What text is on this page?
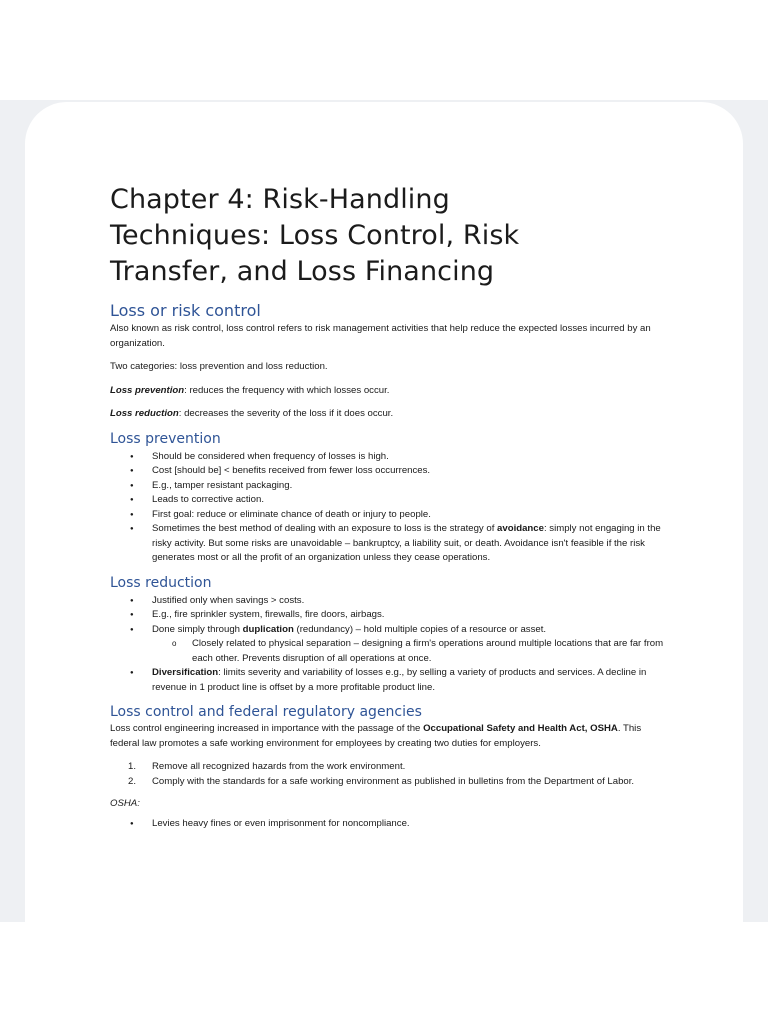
Chapter 4: Risk-Handling
Techniques: Loss Control, Risk
Transfer, and Loss Financing
Loss or risk control

Also known as risk control, loss control refers to risk management activities that help reduce the expected losses incurred by an organization.

Two categories: loss prevention and loss reduction.

Loss prevention: reduces the frequency with which losses occur.

Loss reduction: decreases the severity of the loss if it does occur.

Loss prevention
● Should be considered when frequency of losses is high.
● Cost [should be] < benefits received from fewer loss occurrences.
● E.g., tamper resistant packaging.
● Leads to corrective action.
● First goal: reduce or eliminate chance of death or injury to people.
● Sometimes the best method of dealing with an exposure to loss is the strategy of avoidance: simply not engaging in the risky activity. But some risks are unavoidable – bankruptcy, a liability suit, or death. Avoidance isn't feasible if the risk generates most or all the profit of an organization unless they cease operations.
Loss reduction
● Justified only when savings > costs.
● E.g., fire sprinkler system, firewalls, fire doors, airbags.
● Done simply through duplication (redundancy) – hold multiple copies of a resource or asset.
o Closely related to physical separation – designing a firm's operations around multiple locations that are far from each other. Prevents disruption of all operations at once.
● Diversification: limits severity and variability of losses e.g., by selling a variety of products and services. A decline in revenue in 1 product line is offset by a more profitable product line.
Loss control and federal regulatory agencies

Loss control engineering increased in importance with the passage of the Occupational Safety and Health Act, OSHA. This federal law promotes a safe working environment for employees by creating two duties for employers.

1. Remove all recognized hazards from the work environment.
2. Comply with the standards for a safe working environment as published in bulletins from the Department of Labor.

OSHA:

● Levies heavy fines or even imprisonment for noncompliance.
